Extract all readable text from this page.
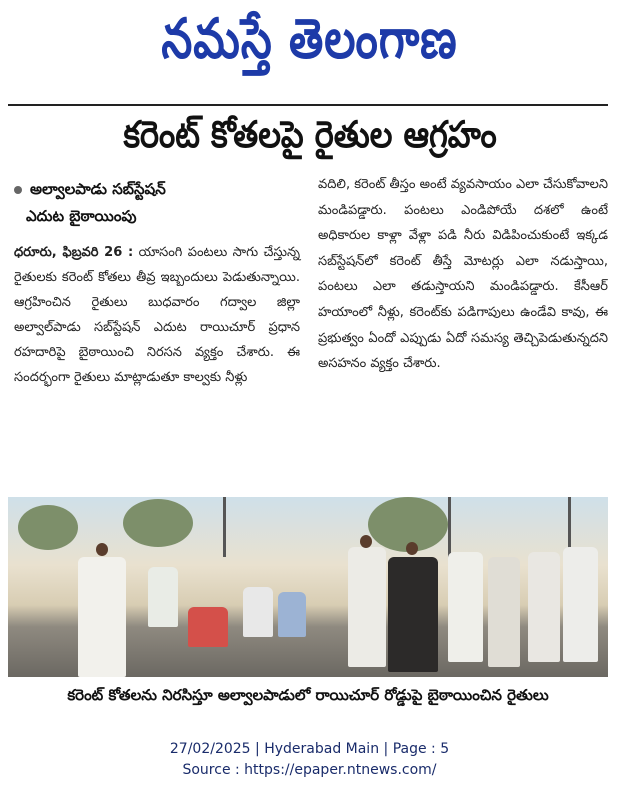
నమస్తే తెలంగాణ
కరెంట్ కోతలపై రైతుల ఆగ్రహం
అల్వాలపాడు సబ్‌స్టేషన్
ఎదుట బైఠాయింపు

ధరూరు, ఫిబ్రవరి 26 : యాసంగి పంటలు సాగు చేస్తున్న రైతులకు కరెంట్ కోతలు తీవ్ర ఇబ్బందులు పెడుతున్నాయి. ఆగ్రహించిన రైతులు బుధవారం గద్వాల జిల్లా అల్వాల్‌పాడు సబ్‌స్టేషన్ ఎదుట రాయిచూర్ ప్రధాన రహదారిపై బైఠాయించి నిరసన వ్యక్తం చేశారు. ఈ సందర్భంగా రైతులు మాట్లాడుతూ కాల్వకు నీళ్లు

వదిలి, కరెంట్ తీస్తం అంటే వ్యవసాయం ఎలా చేసుకోవాలని మండిపడ్డారు. పంటలు ఎండిపోయే దశలో ఉంటే అధికారుల కాళ్లా వేళ్లా పడి నీరు విడిపించుకుంటే ఇక్కడ సబ్‌స్టేషన్‌లో కరెంట్ తీస్తే మోటర్లు ఎలా నడుస్తాయి, పంటలు ఎలా తడుస్తాయని మండిపడ్డారు. కేసీఆర్ హయాంలో నీళ్లు, కరెంట్‌కు పడిగాపులు ఉండేవి కావు, ఈ ప్రభుత్వం ఏందో ఎప్పుడు ఏదో సమస్య తెచ్చిపెడుతున్నదని అసహనం వ్యక్తం చేశారు.

కరెంట్ కోతలను నిరసిస్తూ అల్వాలపాడులో రాయిచూర్ రోడ్డుపై బైఠాయించిన రైతులు
27/02/2025 | Hyderabad Main | Page : 5
Source : https://epaper.ntnews.com/
